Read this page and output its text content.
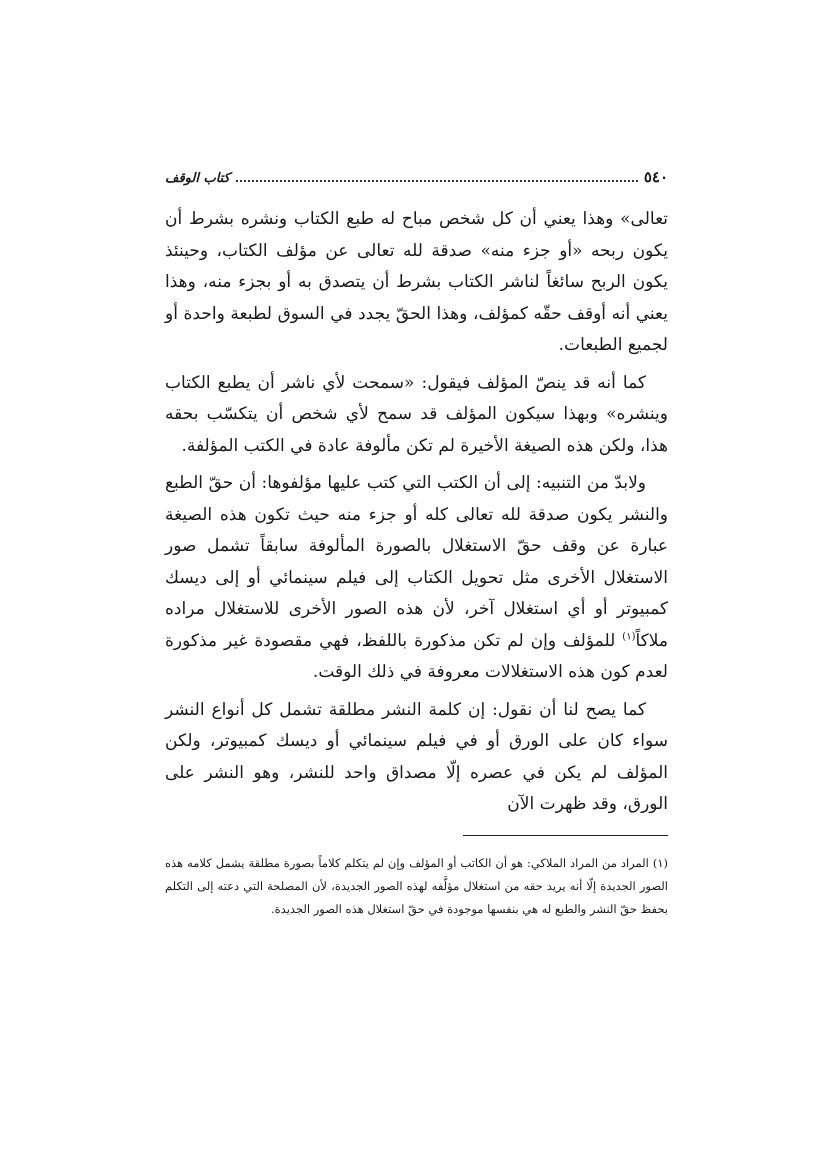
٥٤٠
كتاب الوقف

تعالى» وهذا يعني أن كل شخص مباح له طبع الكتاب ونشره بشرط أن يكون ربحه «أو جزء منه» صدقة لله تعالى عن مؤلف الكتاب، وحينئذ يكون الربح سائغاً لناشر الكتاب بشرط أن يتصدق به أو بجزء منه، وهذا يعني أنه أوقف حقّه كمؤلف، وهذا الحقّ يجدد في السوق لطبعة واحدة أو لجميع الطبعات.

كما أنه قد ينصّ المؤلف فيقول: «سمحت لأي ناشر أن يطبع الكتاب وينشره» وبهذا سيكون المؤلف قد سمح لأي شخص أن يتكسّب بحقه هذا، ولكن هذه الصيغة الأخيرة لم تكن مألوفة عادة في الكتب المؤلفة.

ولابدّ من التنبيه: إلى أن الكتب التي كتب عليها مؤلفوها: أن حقّ الطبع والنشر يكون صدقة لله تعالى كله أو جزء منه حيث تكون هذه الصيغة عبارة عن وقف حقّ الاستغلال بالصورة المألوفة سابقاً تشمل صور الاستغلال الأخرى مثل تحويل الكتاب إلى فيلم سينمائي أو إلى ديسك كمبيوتر أو أي استغلال آخر، لأن هذه الصور الأخرى للاستغلال مراده ملاكاً$^{(١)}$ للمؤلف وإن لم تكن مذكورة باللفظ، فهي مقصودة غير مذكورة لعدم كون هذه الاستغلالات معروفة في ذلك الوقت.

كما يصح لنا أن نقول: إن كلمة النشر مطلقة تشمل كل أنواع النشر سواء كان على الورق أو في فيلم سينمائي أو ديسك كمبيوتر، ولكن المؤلف لم يكن في عصره إلّا مصداق واحد للنشر، وهو النشر على الورق، وقد ظهرت الآن

(١) المراد من المراد الملاكي: هو أن الكاتب أو المؤلف وإن لم يتكلم كلاماً بصورة مطلقة يشمل كلامه هذه الصور الجديدة إلّا أنه يريد حقه من استغلال مؤلَّفه لهذه الصور الجديدة، لأن المصلحة التي دعته إلى التكلم بحفظ حقّ النشر والطبع له هي بنفسها موجودة في حقّ استغلال هذه الصور الجديدة.
